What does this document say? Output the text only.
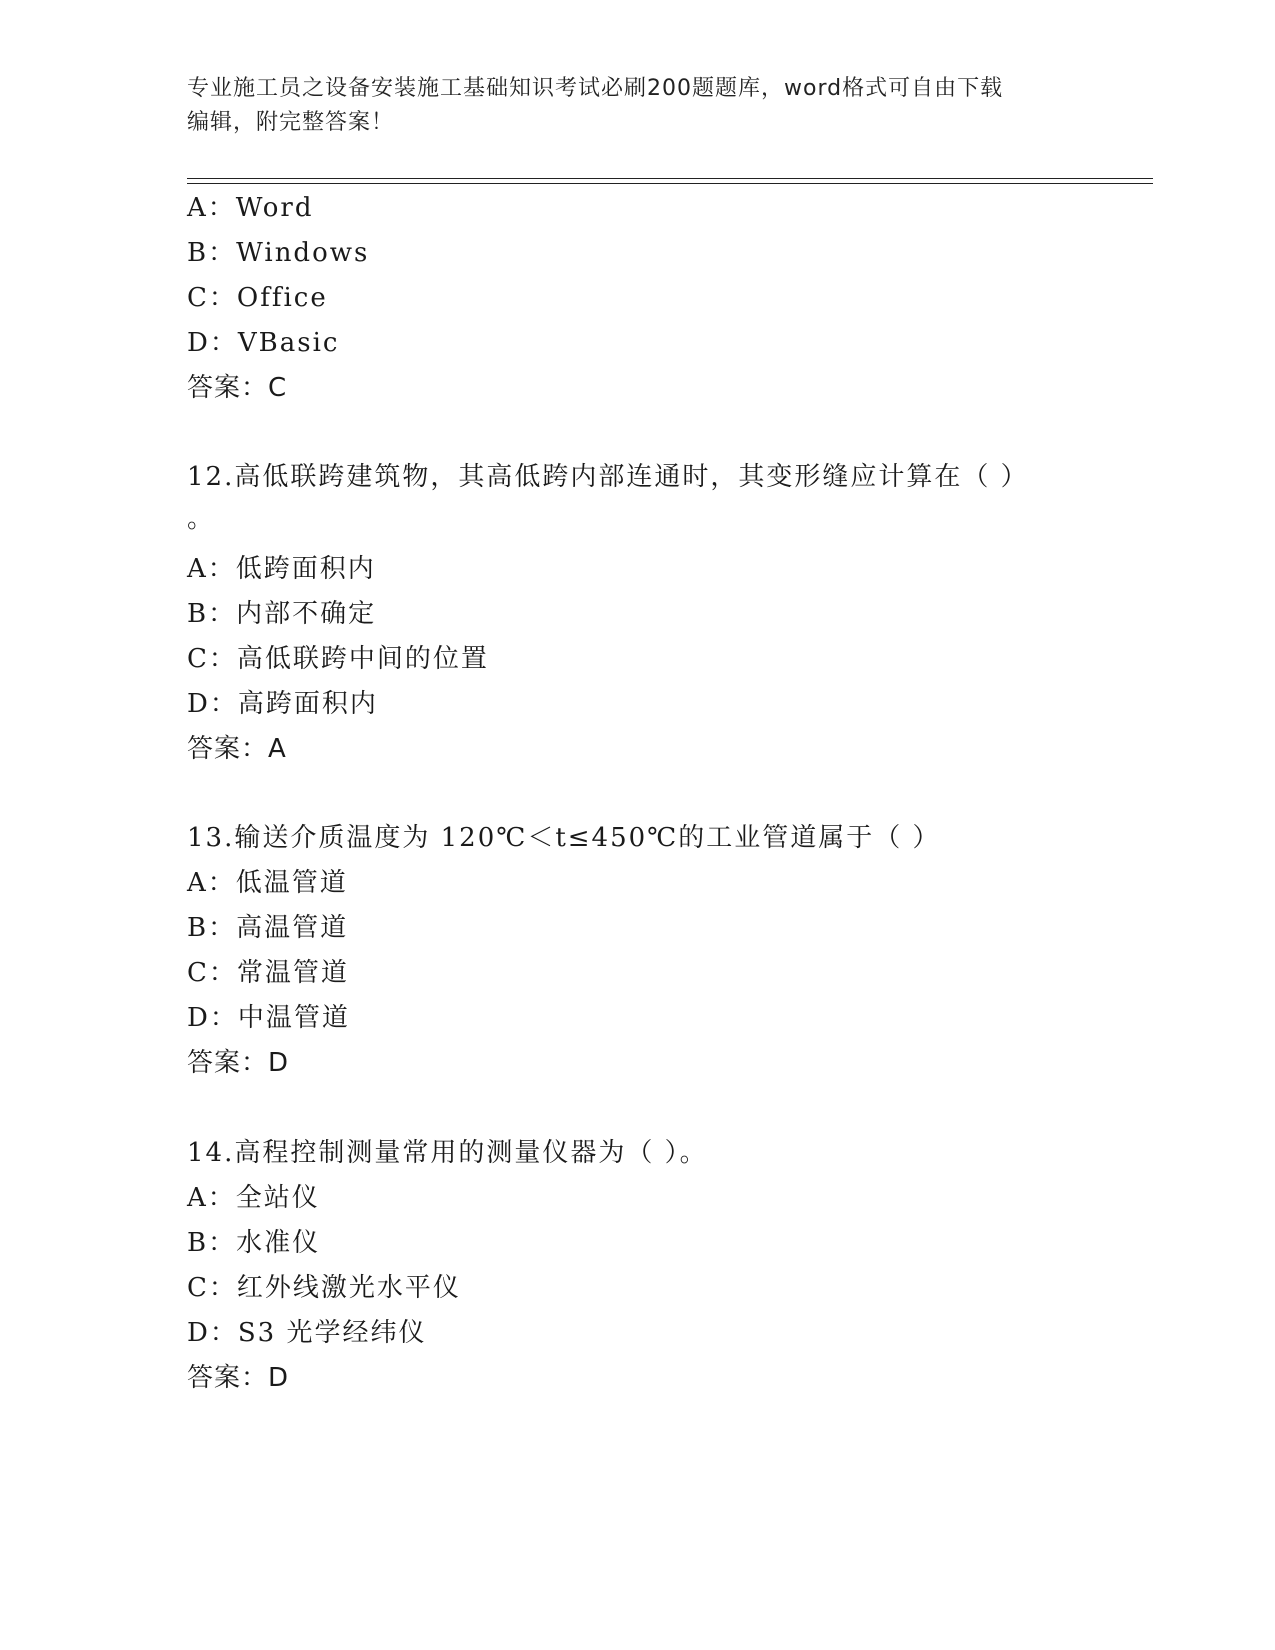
专业施工员之设备安装施工基础知识考试必刷200题题库，word格式可自由下载
编辑，附完整答案！
A：Word
B：Windows
C：Office
D：VBasic
答案：C
12.高低联跨建筑物，其高低跨内部连通时，其变形缝应计算在（ ）
。
A：低跨面积内
B：内部不确定
C：高低联跨中间的位置
D：高跨面积内
答案：A
13.输送介质温度为 120℃＜t≤450℃的工业管道属于（ ）
A：低温管道
B：高温管道
C：常温管道
D：中温管道
答案：D
14.高程控制测量常用的测量仪器为（ ）。
A：全站仪
B：水准仪
C：红外线激光水平仪
D：S3 光学经纬仪
答案：D
